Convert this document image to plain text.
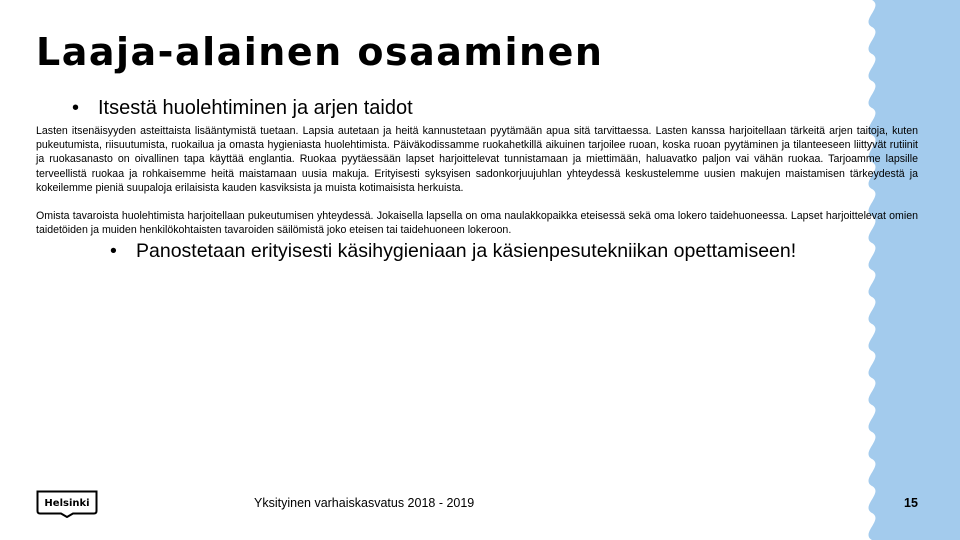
Laaja-alainen osaaminen
• Itsestä huolehtiminen ja arjen taidot
Lasten itsenäisyyden asteittaista lisääntymistä tuetaan. Lapsia autetaan ja heitä kannustetaan pyytämään apua sitä tarvittaessa. Lasten kanssa harjoitellaan tärkeitä arjen taitoja, kuten pukeutumista, riisuutumista, ruokailua ja omasta hygieniasta huolehtimista. Päiväkodissamme ruokahetkillä aikuinen tarjoilee ruoan, koska ruoan pyytäminen ja tilanteeseen liittyvät rutiinit ja ruokasanasto on oivallinen tapa käyttää englantia. Ruokaa pyytäessään lapset harjoittelevat tunnistamaan ja miettimään, haluavatko paljon vai vähän ruokaa. Tarjoamme lapsille terveellistä ruokaa ja rohkaisemme heitä maistamaan uusia makuja. Erityisesti syksyisen sadonkorjuujuhlan yhteydessä keskustelemme uusien makujen maistamisen tärkeydestä ja kokeilemme pieniä suupaloja erilaisista kauden kasviksista ja muista kotimaisista herkuista.
Omista tavaroista huolehtimista harjoitellaan pukeutumisen yhteydessä. Jokaisella lapsella on oma naulakkopaikka eteisessä sekä oma lokero taidehuoneessa. Lapset harjoittelevat omien taidetöiden ja muiden henkilökohtaisten tavaroiden säilömistä joko eteisen tai taidehuoneen lokeroon.
• Panostetaan erityisesti käsihygieniaan ja käsienpesutekniikan opettamiseen!
Helsinki	Yksityinen varhaiskasvatus 2018 - 2019	15
